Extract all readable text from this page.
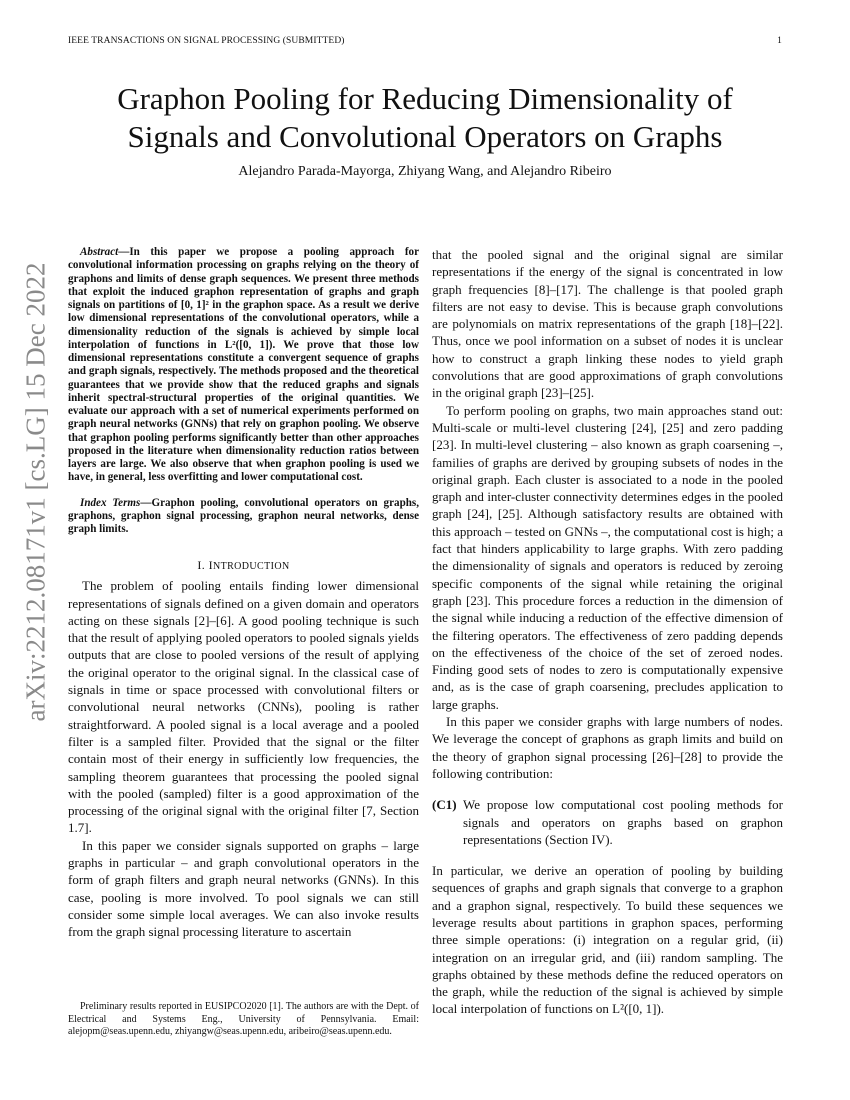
IEEE TRANSACTIONS ON SIGNAL PROCESSING (SUBMITTED)	1
arXiv:2212.08171v1 [cs.LG] 15 Dec 2022
Graphon Pooling for Reducing Dimensionality of
Signals and Convolutional Operators on Graphs
Alejandro Parada-Mayorga, Zhiyang Wang, and Alejandro Ribeiro

Abstract—In this paper we propose a pooling approach for convolutional information processing on graphs relying on the theory of graphons and limits of dense graph sequences. We present three methods that exploit the induced graphon representation of graphs and graph signals on partitions of [0, 1]² in the graphon space. As a result we derive low dimensional representations of the convolutional operators, while a dimensionality reduction of the signals is achieved by simple local interpolation of functions in L²([0, 1]). We prove that those low dimensional representations constitute a convergent sequence of graphs and graph signals, respectively. The methods proposed and the theoretical guarantees that we provide show that the reduced graphs and signals inherit spectral-structural properties of the original quantities. We evaluate our approach with a set of numerical experiments performed on graph neural networks (GNNs) that rely on graphon pooling. We observe that graphon pooling performs significantly better than other approaches proposed in the literature when dimensionality reduction ratios between layers are large. We also observe that when graphon pooling is used we have, in general, less overfitting and lower computational cost.

Index Terms—Graphon pooling, convolutional operators on graphs, graphons, graphon signal processing, graphon neural networks, dense graph limits.

I. INTRODUCTION

The problem of pooling entails finding lower dimensional representations of signals defined on a given domain and operators acting on these signals [2]–[6]. A good pooling technique is such that the result of applying pooled operators to pooled signals yields outputs that are close to pooled versions of the result of applying the original operator to the original signal. In the classical case of signals in time or space processed with convolutional filters or convolutional neural networks (CNNs), pooling is rather straightforward. A pooled signal is a local average and a pooled filter is a sampled filter. Provided that the signal or the filter contain most of their energy in sufficiently low frequencies, the sampling theorem guarantees that processing the pooled signal with the pooled (sampled) filter is a good approximation of the processing of the original signal with the original filter [7, Section 1.7].

In this paper we consider signals supported on graphs – large graphs in particular – and graph convolutional operators in the form of graph filters and graph neural networks (GNNs). In this case, pooling is more involved. To pool signals we can still consider some simple local averages. We can also invoke results from the graph signal processing literature to ascertain

that the pooled signal and the original signal are similar representations if the energy of the signal is concentrated in low graph frequencies [8]–[17]. The challenge is that pooled graph filters are not easy to devise. This is because graph convolutions are polynomials on matrix representations of the graph [18]–[22]. Thus, once we pool information on a subset of nodes it is unclear how to construct a graph linking these nodes to yield graph convolutions that are good approximations of graph convolutions in the original graph [23]–[25].

To perform pooling on graphs, two main approaches stand out: Multi-scale or multi-level clustering [24], [25] and zero padding [23]. In multi-level clustering – also known as graph coarsening –, families of graphs are derived by grouping subsets of nodes in the original graph. Each cluster is associated to a node in the pooled graph and inter-cluster connectivity determines edges in the pooled graph [24], [25]. Although satisfactory results are obtained with this approach – tested on GNNs –, the computational cost is high; a fact that hinders applicability to large graphs. With zero padding the dimensionality of signals and operators is reduced by zeroing specific components of the signal while retaining the original graph [23]. This procedure forces a reduction in the dimension of the signal while inducing a reduction of the effective dimension of the filtering operators. The effectiveness of zero padding depends on the effectiveness of the choice of the set of zeroed nodes. Finding good sets of nodes to zero is computationally expensive and, as is the case of graph coarsening, precludes application to large graphs.

In this paper we consider graphs with large numbers of nodes. We leverage the concept of graphons as graph limits and build on the theory of graphon signal processing [26]–[28] to provide the following contribution:

(C1) We propose low computational cost pooling methods for signals and operators on graphs based on graphon representations (Section IV).

In particular, we derive an operation of pooling by building sequences of graphs and graph signals that converge to a graphon and a graphon signal, respectively. To build these sequences we leverage results about partitions in graphon spaces, performing three simple operations: (i) integration on a regular grid, (ii) integration on an irregular grid, and (iii) random sampling. The graphs obtained by these methods define the reduced operators on the graph, while the reduction of the signal is achieved by simple local interpolation of functions on L²([0, 1]).

Preliminary results reported in EUSIPCO2020 [1]. The authors are with the Dept. of Electrical and Systems Eng., University of Pennsylvania. Email: alejopm@seas.upenn.edu, zhiyangw@seas.upenn.edu, aribeiro@seas.upenn.edu.
